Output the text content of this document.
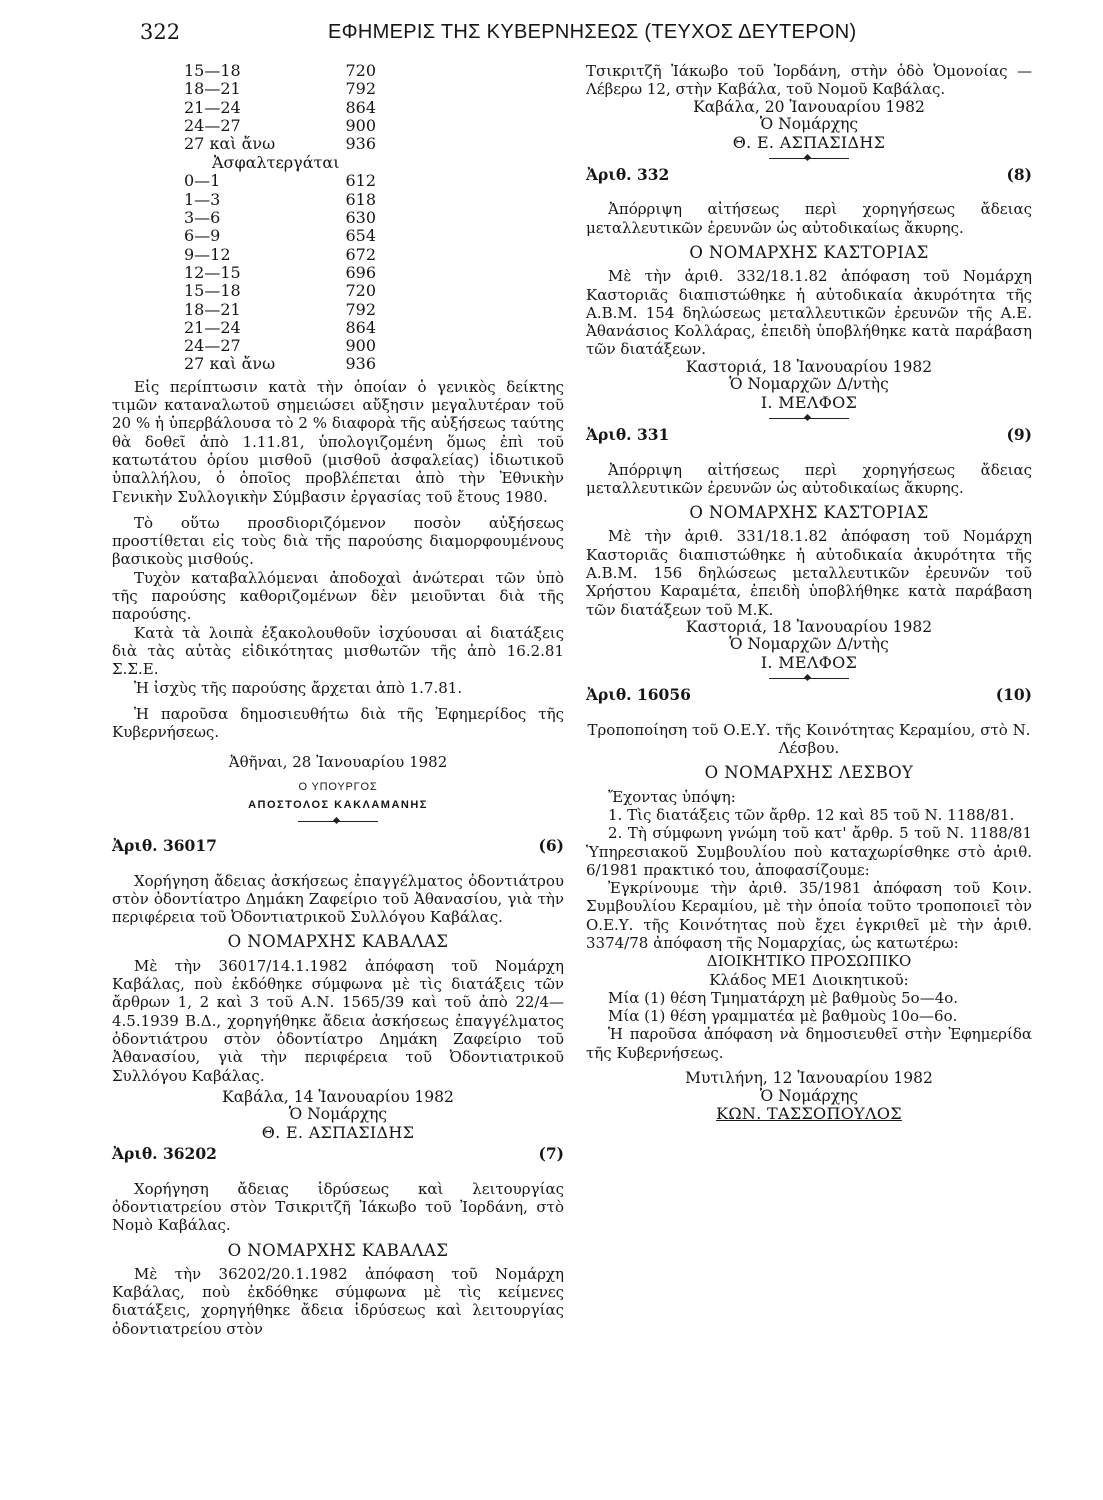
322	ΕΦΗΜΕΡΙΣ ΤΗΣ ΚΥΒΕΡΝΗΣΕΩΣ (ΤΕΥΧΟΣ ΔΕΥΤΕΡΟΝ)
15—18	720
18—21	792
21—24	864
24—27	900
27 καὶ ἄνω	936
Ἀσφαλτεργάται
0—1	612
1—3	618
3—6	630
6—9	654
9—12	672
12—15	696
15—18	720
18—21	792
21—24	864
24—27	900
27 καὶ ἄνω	936

Εἰς περίπτωσιν κατὰ τὴν ὁποίαν ὁ γενικὸς δείκτης τιμῶν καταναλωτοῦ σημειώσει αὔξησιν μεγαλυτέραν τοῦ 20 % ἡ ὑπερβάλουσα τὸ 2 % διαφορὰ τῆς αὐξήσεως ταύτης θὰ δοθεῖ ἀπὸ 1.11.81, ὑπολογιζομένη ὅμως ἐπὶ τοῦ κατωτάτου ὁρίου μισθοῦ (μισθοῦ ἀσφαλείας) ἰδιωτικοῦ ὑπαλλήλου, ὁ ὁποῖος προβλέπεται ἀπὸ τὴν Ἐθνικὴν Γενικὴν Συλλογικὴν Σύμβασιν ἐργασίας τοῦ ἔτους 1980.

Τὸ οὕτω προσδιοριζόμενον ποσὸν αὐξήσεως προστίθεται εἰς τοὺς διὰ τῆς παρούσης διαμορφουμένους βασικοὺς μισθούς.

Τυχὸν καταβαλλόμεναι ἀποδοχαὶ ἀνώτεραι τῶν ὑπὸ τῆς παρούσης καθοριζομένων δὲν μειοῦνται διὰ τῆς παρούσης.

Κατὰ τὰ λοιπὰ ἐξακολουθοῦν ἰσχύουσαι αἱ διατάξεις διὰ τὰς αὐτὰς εἰδικότητας μισθωτῶν τῆς ἀπὸ 16.2.81 Σ.Σ.Ε.

Ἡ ἰσχὺς τῆς παρούσης ἄρχεται ἀπὸ 1.7.81.

Ἡ παροῦσα δημοσιευθήτω διὰ τῆς Ἐφημερίδος τῆς Κυβερνήσεως.

Ἀθῆναι, 28 Ἰανουαρίου 1982

Ο ΥΠΟΥΡΓΟΣ
ΑΠΟΣΤΟΛΟΣ ΚΑΚΛΑΜΑΝΗΣ
Ἀριθ. 36017	(6)

Χορήγηση ἄδειας ἀσκήσεως ἐπαγγέλματος ὀδοντιάτρου στὸν ὀδοντίατρο Δημάκη Ζαφείριο τοῦ Ἀθανασίου, γιὰ τὴν περιφέρεια τοῦ Ὀδοντιατρικοῦ Συλλόγου Καβάλας.

Ο ΝΟΜΑΡΧΗΣ ΚΑΒΑΛΑΣ

Μὲ τὴν 36017/14.1.1982 ἀπόφαση τοῦ Νομάρχη Καβάλας, ποὺ ἐκδόθηκε σύμφωνα μὲ τὶς διατάξεις τῶν ἄρθρων 1, 2 καὶ 3 τοῦ Α.Ν. 1565/39 καὶ τοῦ ἀπὸ 22/4—4.5.1939 Β.Δ., χορηγήθηκε ἄδεια ἀσκήσεως ἐπαγγέλματος ὀδοντιάτρου στὸν ὀδοντίατρο Δημάκη Ζαφείριο τοῦ Ἀθανασίου, γιὰ τὴν περιφέρεια τοῦ Ὀδοντιατρικοῦ Συλλόγου Καβάλας.

Καβάλα, 14 Ἰανουαρίου 1982
Ὁ Νομάρχης
Θ. Ε. ΑΣΠΑΣΙΔΗΣ
Ἀριθ. 36202	(7)

Χορήγηση ἄδειας ἱδρύσεως καὶ λειτουργίας ὀδοντιατρείου στὸν Τσικριτζῆ Ἰάκωβο τοῦ Ἰορδάνη, στὸ Νομὸ Καβάλας.

Ο ΝΟΜΑΡΧΗΣ ΚΑΒΑΛΑΣ

Μὲ τὴν 36202/20.1.1982 ἀπόφαση τοῦ Νομάρχη Καβάλας, ποὺ ἐκδόθηκε σύμφωνα μὲ τὶς κείμενες διατάξεις, χορηγήθηκε ἄδεια ἱδρύσεως καὶ λειτουργίας ὀδοντιατρείου στὸν

Τσικριτζῆ Ἰάκωβο τοῦ Ἰορδάνη, στὴν ὁδὸ Ὁμονοίας — Λέβερω 12, στὴν Καβάλα, τοῦ Νομοῦ Καβάλας.

Καβάλα, 20 Ἰανουαρίου 1982
Ὁ Νομάρχης
Θ. Ε. ΑΣΠΑΣΙΔΗΣ
Ἀριθ. 332	(8)

Ἀπόρριψη αἰτήσεως περὶ χορηγήσεως ἄδειας μεταλλευτικῶν ἐρευνῶν ὡς αὐτοδικαίως ἄκυρης.

Ο ΝΟΜΑΡΧΗΣ ΚΑΣΤΟΡΙΑΣ

Μὲ τὴν ἀριθ. 332/18.1.82 ἀπόφαση τοῦ Νομάρχη Καστοριᾶς διαπιστώθηκε ἡ αὐτοδικαία ἀκυρότητα τῆς Α.Β.Μ. 154 δηλώσεως μεταλλευτικῶν ἐρευνῶν τῆς Α.Ε. Ἀθανάσιος Κολλάρας, ἐπειδὴ ὑποβλήθηκε κατὰ παράβαση τῶν διατάξεων.

Καστοριά, 18 Ἰανουαρίου 1982
Ὁ Νομαρχῶν Δ/ντὴς
Ι. ΜΕΛΦΟΣ
Ἀριθ. 331	(9)

Ἀπόρριψη αἰτήσεως περὶ χορηγήσεως ἄδειας μεταλλευτικῶν ἐρευνῶν ὡς αὐτοδικαίως ἄκυρης.

Ο ΝΟΜΑΡΧΗΣ ΚΑΣΤΟΡΙΑΣ

Μὲ τὴν ἀριθ. 331/18.1.82 ἀπόφαση τοῦ Νομάρχη Καστοριᾶς διαπιστώθηκε ἡ αὐτοδικαία ἀκυρότητα τῆς Α.Β.Μ. 156 δηλώσεως μεταλλευτικῶν ἐρευνῶν τοῦ Χρήστου Καραμέτα, ἐπειδὴ ὑποβλήθηκε κατὰ παράβαση τῶν διατάξεων τοῦ Μ.Κ.

Καστοριά, 18 Ἰανουαρίου 1982
Ὁ Νομαρχῶν Δ/ντὴς
Ι. ΜΕΛΦΟΣ
Ἀριθ. 16056	(10)

Τροποποίηση τοῦ Ο.Ε.Υ. τῆς Κοινότητας Κεραμίου, στὸ Ν. Λέσβου.

Ο ΝΟΜΑΡΧΗΣ ΛΕΣΒΟΥ

Ἔχοντας ὑπόψη:

1. Τὶς διατάξεις τῶν ἄρθρ. 12 καὶ 85 τοῦ Ν. 1188/81.

2. Τὴ σύμφωνη γνώμη τοῦ κατ' ἄρθρ. 5 τοῦ Ν. 1188/81 Ὑπηρεσιακοῦ Συμβουλίου ποὺ καταχωρίσθηκε στὸ ἀριθ. 6/1981 πρακτικό του, ἀποφασίζουμε:

Ἐγκρίνουμε τὴν ἀριθ. 35/1981 ἀπόφαση τοῦ Κοιν. Συμβουλίου Κεραμίου, μὲ τὴν ὁποία τοῦτο τροποποιεῖ τὸν Ο.Ε.Υ. τῆς Κοινότητας ποὺ ἔχει ἐγκριθεῖ μὲ τὴν ἀριθ. 3374/78 ἀπόφαση τῆς Νομαρχίας, ὡς κατωτέρω:

ΔΙΟΙΚΗΤΙΚΟ ΠΡΟΣΩΠΙΚΟ

Κλάδος ΜΕ1 Διοικητικοῦ:

Μία (1) θέση Τμηματάρχη μὲ βαθμοὺς 5ο—4ο.

Μία (1) θέση γραμματέα μὲ βαθμοὺς 10ο—6ο.

Ἡ παροῦσα ἀπόφαση νὰ δημοσιευθεῖ στὴν Ἐφημερίδα τῆς Κυβερνήσεως.

Μυτιλήνη, 12 Ἰανουαρίου 1982
Ὁ Νομάρχης
ΚΩΝ. ΤΑΣΣΟΠΟΥΛΟΣ
